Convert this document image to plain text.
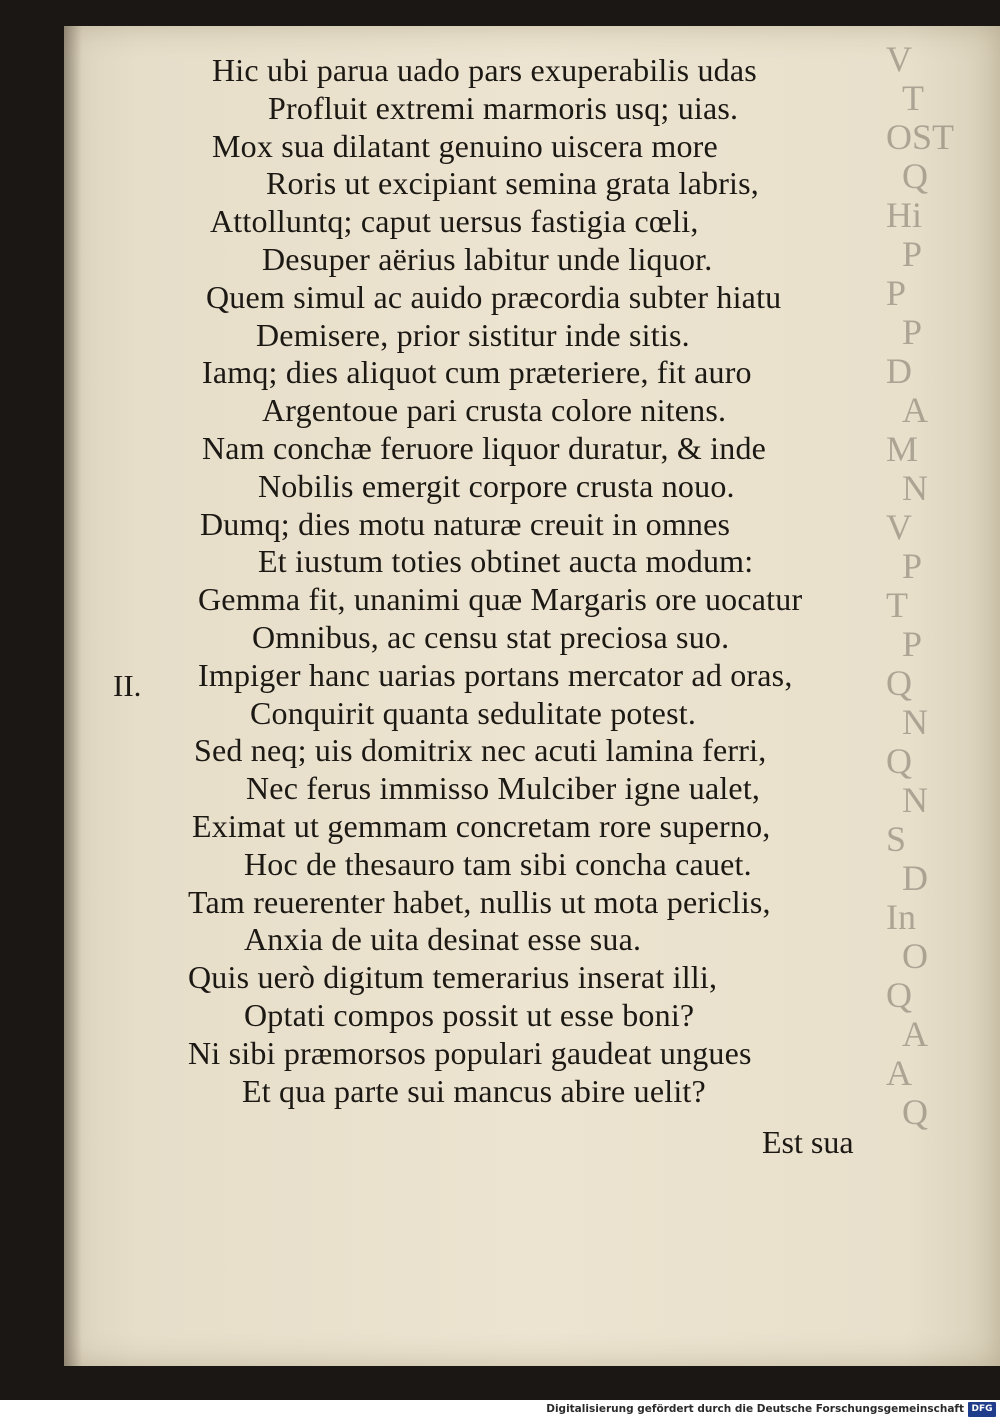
V
T
OST
Q
Hi
P
P
P
D
A
M
N
V
P
T
P
Q
N
Q
N
S
D
In
O
Q
A
A
Q
Hic ubi parua uado pars exuperabilis udas
Profluit extremi marmoris usq; uias.
Mox sua dilatant genuino uiscera more
Roris ut excipiant semina grata labris,
Attolluntq; caput uersus fastigia cœli,
Desuper aërius labitur unde liquor.
Quem simul ac auido præcordia subter hiatu
Demisere, prior sistitur inde sitis.
Iamq; dies aliquot cum præteriere, fit auro
Argentoue pari crusta colore nitens.
Nam conchæ feruore liquor duratur, & inde
Nobilis emergit corpore crusta nouo.
Dumq; dies motu naturæ creuit in omnes
Et iustum toties obtinet aucta modum:
Gemma fit, unanimi quæ Margaris ore uocatur
Omnibus, ac censu stat preciosa suo.
Impiger hanc uarias portans mercator ad oras,
Conquirit quanta sedulitate potest.
Sed neq; uis domitrix nec acuti lamina ferri,
Nec ferus immisso Mulciber igne ualet,
Eximat ut gemmam concretam rore superno,
Hoc de thesauro tam sibi concha cauet.
Tam reuerenter habet, nullis ut mota periclis,
Anxia de uita desinat esse sua.
Quis uerò digitum temerarius inserat illi,
Optati compos possit ut esse boni?
Ni sibi præmorsos populari gaudeat ungues
Et qua parte sui mancus abire uelit?
II.
Est sua
Digitalisierung gefördert durch die Deutsche Forschungsgemeinschaft DFG
